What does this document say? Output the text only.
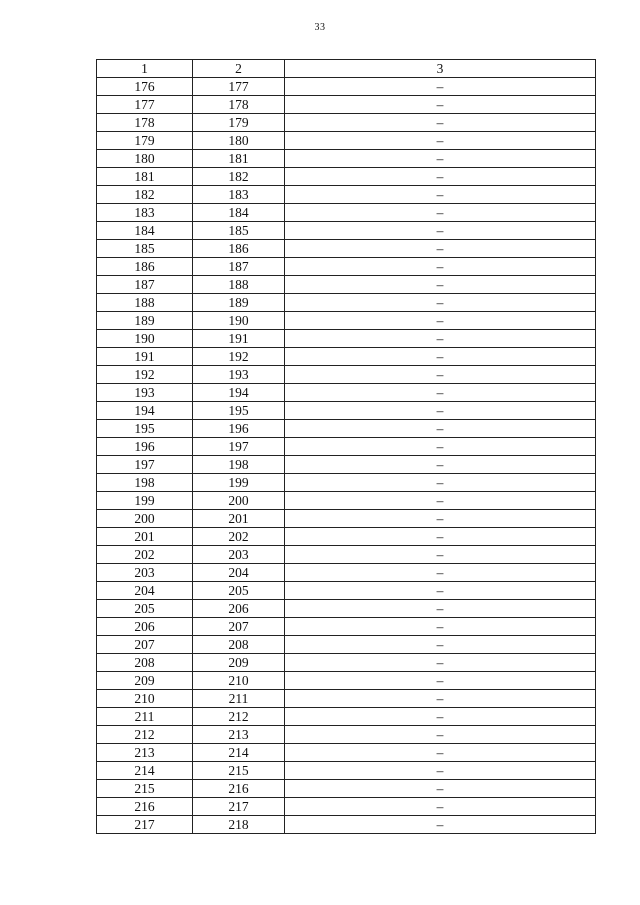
33
1	2	3
176	177	–
177	178	–
178	179	–
179	180	–
180	181	–
181	182	–
182	183	–
183	184	–
184	185	–
185	186	–
186	187	–
187	188	–
188	189	–
189	190	–
190	191	–
191	192	–
192	193	–
193	194	–
194	195	–
195	196	–
196	197	–
197	198	–
198	199	–
199	200	–
200	201	–
201	202	–
202	203	–
203	204	–
204	205	–
205	206	–
206	207	–
207	208	–
208	209	–
209	210	–
210	211	–
211	212	–
212	213	–
213	214	–
214	215	–
215	216	–
216	217	–
217	218	–
